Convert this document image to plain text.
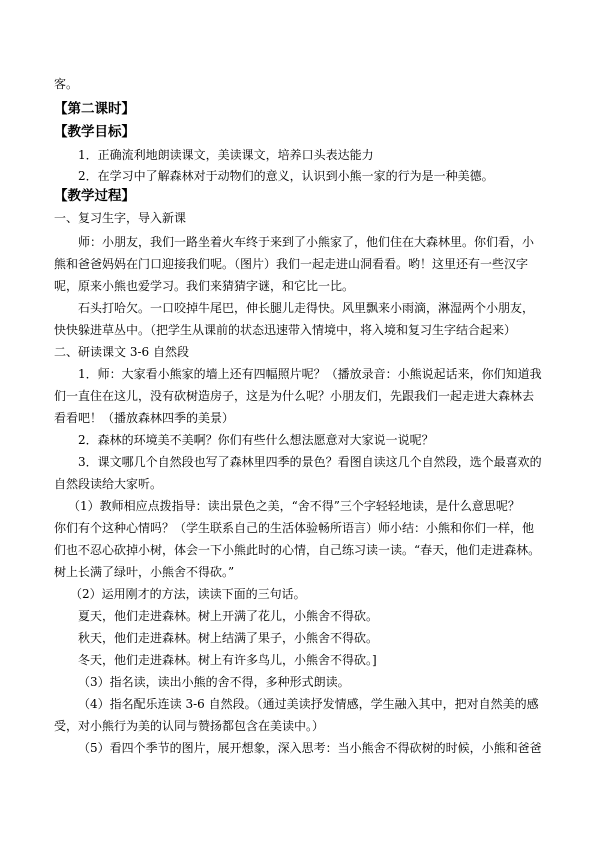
客。
【第二课时】
【教学目标】
1．正确流利地朗读课文，美读课文，培养口头表达能力
2．在学习中了解森林对于动物们的意义，认识到小熊一家的行为是一种美德。
【教学过程】
一、复习生字，导入新课
师：小朋友，我们一路坐着火车终于来到了小熊家了，他们住在大森林里。你们看，小
熊和爸爸妈妈在门口迎接我们呢。（图片）我们一起走进山洞看看。哟！这里还有一些汉字
呢，原来小熊也爱学习。我们来猜猜字谜，和它比一比。
石头打哈欠。一口咬掉牛尾巴，伸长腿儿走得快。风里飘来小雨滴，淋湿两个小朋友，
快快躲进草丛中。（把学生从课前的状态迅速带入情境中，将入境和复习生字结合起来）
二、研读课文 3-6 自然段
1．师：大家看小熊家的墙上还有四幅照片呢？（播放录音：小熊说起话来，你们知道我
们一直住在这儿，没有砍树造房子，这是为什么呢？小朋友们，先跟我们一起走进大森林去
看看吧！（播放森林四季的美景）
2．森林的环境美不美啊？你们有些什么想法愿意对大家说一说呢？
3．课文哪几个自然段也写了森林里四季的景色？看图自读这几个自然段，选个最喜欢的
自然段读给大家听。
（1）教师相应点拨指导：读出景色之美，“舍不得”三个字轻轻地读，是什么意思呢？
你们有个这种心情吗？（学生联系自己的生活体验畅所语言）师小结：小熊和你们一样，他
们也不忍心砍掉小树，体会一下小熊此时的心情，自己练习读一读。“春天，他们走进森林。
树上长满了绿叶，小熊舍不得砍。”
（2）运用刚才的方法，读读下面的三句话。
夏天，他们走进森林。树上开满了花儿，小熊舍不得砍。
秋天，他们走进森林。树上结满了果子，小熊舍不得砍。
冬天，他们走进森林。树上有许多鸟儿，小熊舍不得砍。]
（3）指名读，读出小熊的舍不得，多种形式朗读。
（4）指名配乐连读 3-6 自然段。（通过美读抒发情感，学生融入其中，把对自然美的感
受，对小熊行为美的认同与赞扬都包含在美读中。）
（5）看四个季节的图片，展开想象，深入思考：当小熊舍不得砍树的时候，小熊和爸爸
